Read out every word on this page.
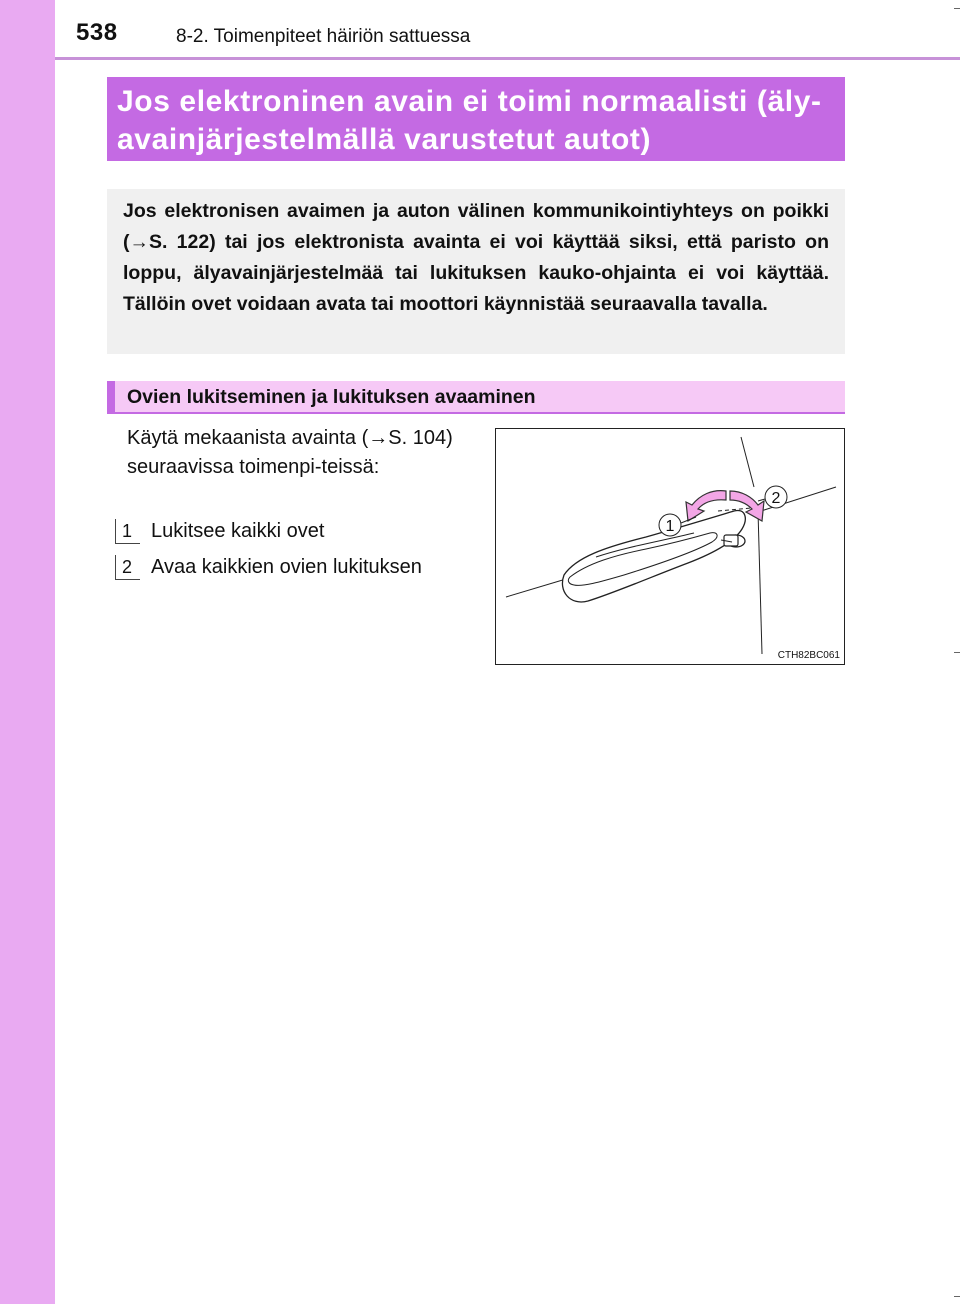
538	8-2. Toimenpiteet häiriön sattuessa
Jos elektroninen avain ei toimi normaalisti (äly-avainjärjestelmällä varustetut autot)

Jos elektronisen avaimen ja auton välinen kommunikointiyhteys on poikki (→S. 122) tai jos elektronista avainta ei voi käyttää siksi, että paristo on loppu, älyavainjärjestelmää tai lukituksen kauko-ohjainta ei voi käyttää. Tällöin ovet voidaan avata tai moottori käynnistää seuraavalla tavalla.

Ovien lukitseminen ja lukituksen avaaminen

Käytä mekaanista avainta (→S. 104) seuraavissa toimenpi-teissä:

1 Lukitsee kaikki ovet
2 Avaa kaikkien ovien lukituksen
1
2
CTH82BC061
